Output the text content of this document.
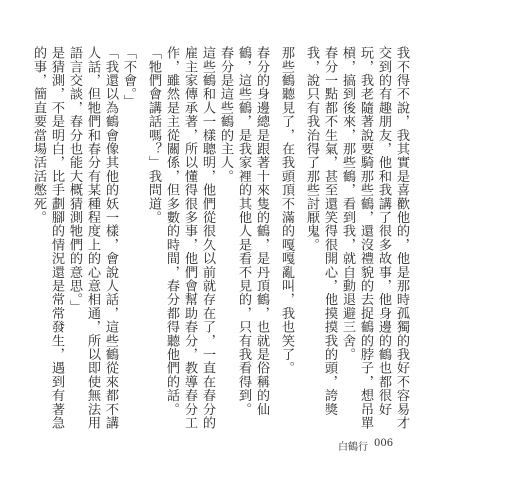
我不得不說，我其實是喜歡他的，他是那時孤獨的我好不容易才交到的有趣朋友，他和我講了很多故事，他身邊的鶴也都很好玩，我老隨著說要騎那些鶴，還沒禮貌的去捉鶴的脖子，想吊單槓，搞到後來，那些鶴，看到我，就自動退避三舍。

春分一點都不生氣，甚至還笑得很開心，他摸摸我的頭，誇獎我，說只有我治得了那些討厭鬼。

那些鶴聽見了，在我頭頂不滿的嘎嘎亂叫，我也笑了。

春分的身邊總是跟著十來隻的鶴，是丹頂鶴，也就是俗稱的仙鶴，這些鶴，是我家裡的其他人是看不見的，只有我看得到。

春分是這些鶴的主人。

這些鶴和人一樣聰明，他們從很久以前就存在了，一直在春分的雇主家傳承著，所以懂得很多事，他們會幫助春分，教導春分工作，雖然是主從關係，但多數的時間，春分都得聽他們的話。

「牠們會講話嗎？」我問道。

「不會。」

「我還以為鶴會像其他的妖一樣，會說人話，這些鶴從來都不講人話，但牠們和春分有某種程度上的心意相通，所以即使無法用語言交談，春分也能大概猜測牠們的意思。」

是猜測，不是明白，比手劃腳的情況還是常常發生，遇到有著急的事，簡直要當場活活憋死。

白鶴行 006
